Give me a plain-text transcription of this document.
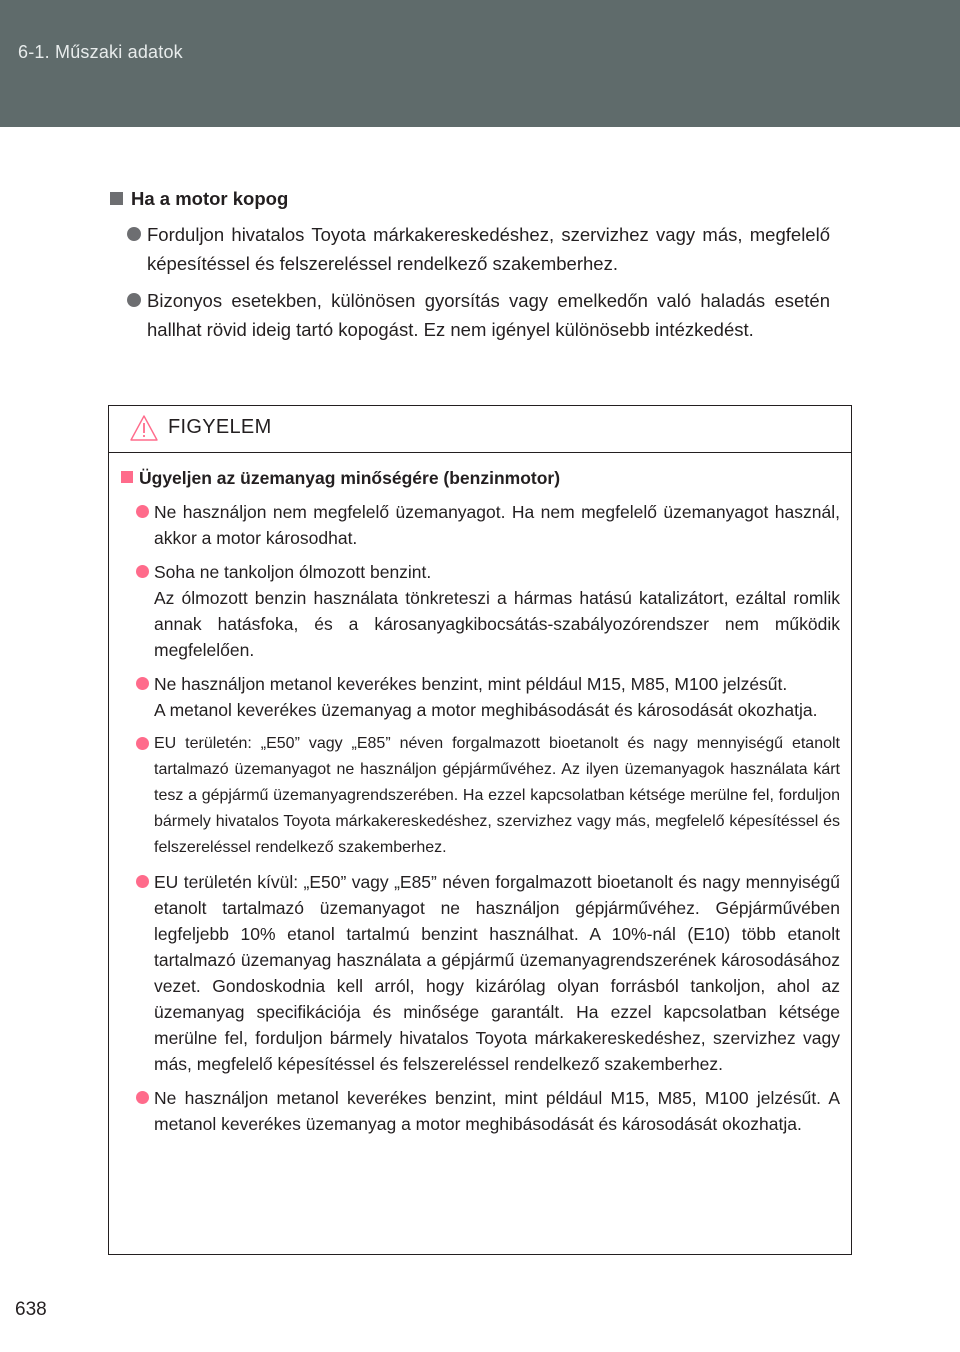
6-1. Műszaki adatok
Ha a motor kopog
Forduljon hivatalos Toyota márkakereskedéshez, szervizhez vagy más, megfelelő képesítéssel és felszereléssel rendelkező szakemberhez.
Bizonyos esetekben, különösen gyorsítás vagy emelkedőn való haladás esetén hallhat rövid ideig tartó kopogást. Ez nem igényel különösebb intézkedést.
FIGYELEM
Ügyeljen az üzemanyag minőségére (benzinmotor)
Ne használjon nem megfelelő üzemanyagot. Ha nem megfelelő üzemanyagot használ, akkor a motor károsodhat.
Soha ne tankoljon ólmozott benzint.
Az ólmozott benzin használata tönkreteszi a hármas hatású katalizátort, ezáltal romlik annak hatásfoka, és a károsanyagkibocsátás-szabályozórendszer nem működik megfelelően.
Ne használjon metanol keverékes benzint, mint például M15, M85, M100 jelzésűt.
A metanol keverékes üzemanyag a motor meghibásodását és károsodását okozhatja.
EU területén: „E50” vagy „E85” néven forgalmazott bioetanolt és nagy mennyiségű etanolt tartalmazó üzemanyagot ne használjon gépjárművéhez. Az ilyen üzemanyagok használata kárt tesz a gépjármű üzemanyagrendszerében. Ha ezzel kapcsolatban kétsége merülne fel, forduljon bármely hivatalos Toyota márkakereskedéshez, szervizhez vagy más, megfelelő képesítéssel és felszereléssel rendelkező szakemberhez.
EU területén kívül: „E50” vagy „E85” néven forgalmazott bioetanolt és nagy mennyiségű etanolt tartalmazó üzemanyagot ne használjon gépjárművéhez. Gépjárművében legfeljebb 10% etanol tartalmú benzint használhat. A 10%-nál (E10) több etanolt tartalmazó üzemanyag használata a gépjármű üzemanyagrendszerének károsodásához vezet. Gondoskodnia kell arról, hogy kizárólag olyan forrásból tankoljon, ahol az üzemanyag specifikációja és minősége garantált. Ha ezzel kapcsolatban kétsége merülne fel, forduljon bármely hivatalos Toyota márkakereskedéshez, szervizhez vagy más, megfelelő képesítéssel és felszereléssel rendelkező szakemberhez.
Ne használjon metanol keverékes benzint, mint például M15, M85, M100 jelzésűt. A metanol keverékes üzemanyag a motor meghibásodását és károsodását okozhatja.
638
